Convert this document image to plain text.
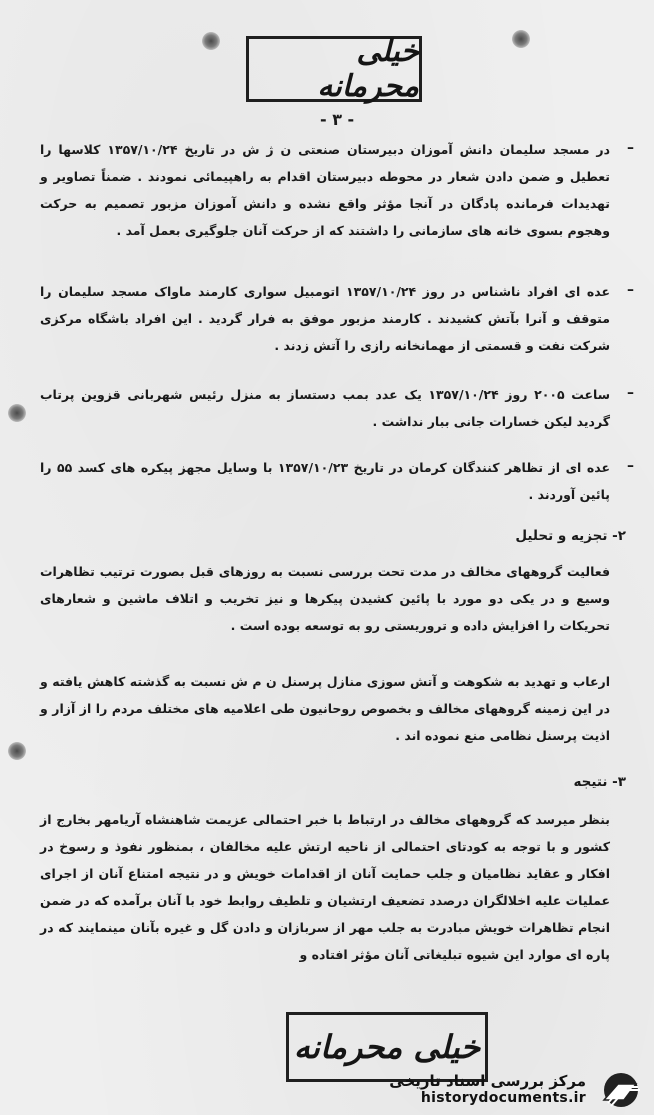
خیلی محرمانه
- ۳ -
–
در مسجد سلیمان دانش آموزان دبیرستان صنعتی ن ژ ش در تاریخ ۱۳۵۷/۱۰/۲۴ کلاسها را تعطیل و ضمن دادن شعار در محوطه دبیرستان اقدام به راهپیمائی نمودند . ضمناً تصاویر و تهدیدات فرمانده پادگان در آنجا مؤثر واقع نشده و دانش آموزان مزبور تصمیم به حرکت وهجوم بسوی خانه های سازمانی را داشتند که از حرکت آنان جلوگیری بعمل آمد .
–
عده ای افراد ناشناس در روز ۱۳۵۷/۱۰/۲۴ اتومبیل سواری کارمند ماواک مسجد سلیمان را متوقف و آنرا بآتش کشیدند . کارمند مزبور موفق به فرار گردید . این افراد باشگاه مرکزی شرکت نفت و قسمتی از مهمانخانه رازی را آتش زدند .
–
ساعت ۲۰۰۵ روز ۱۳۵۷/۱۰/۲۴ یک عدد بمب دستساز به منزل رئیس شهربانی قزوین پرتاب گردید لیکن خسارات جانی ببار نداشت .
–
عده ای از تظاهر کنندگان کرمان در تاریخ ۱۳۵۷/۱۰/۲۳ با وسایل مجهز پیکره های کسد ۵۵ را پائین آوردند .
۲- تجزیه و تحلیل
فعالیت گروههای مخالف در مدت تحت بررسی نسبت به روزهای قبل بصورت ترتیب تظاهرات وسیع و در یکی دو مورد با پائین کشیدن پیکرها و نیز تخریب و اتلاف ماشین و شعارهای تحریکات را افزایش داده و تروریستی رو به توسعه بوده است .
ارعاب و تهدید به شکوهت و آتش سوزی منازل پرسنل ن م ش نسبت به گذشته کاهش یافته و در این زمینه گروههای مخالف و بخصوص روحانیون طی اعلامیه های مختلف مردم را از آزار و اذیت پرسنل نظامی منع نموده اند .
۳- نتیجه
بنظر میرسد که گروههای مخالف در ارتباط با خبر احتمالی عزیمت شاهنشاه آریامهر بخارج از کشور و با توجه به کودتای احتمالی از ناحیه ارتش علیه مخالفان ، بمنظور نفوذ و رسوخ در افکار و عقاید نظامیان و جلب حمایت آنان از اقدامات خویش و در نتیجه امتناع آنان از اجرای عملیات علیه اخلالگران درصدد تضعیف ارتشیان و تلطیف روابط خود با آنان برآمده که در ضمن انجام تظاهرات خویش مبادرت به جلب مهر از سربازان و دادن گل و غیره بآنان مینمایند که در پاره ای موارد این شیوه تبلیغاتی آنان مؤثر افتاده و
خیلی محرمانه
مرکز بررسی اسناد تاریخی
historydocuments.ir
